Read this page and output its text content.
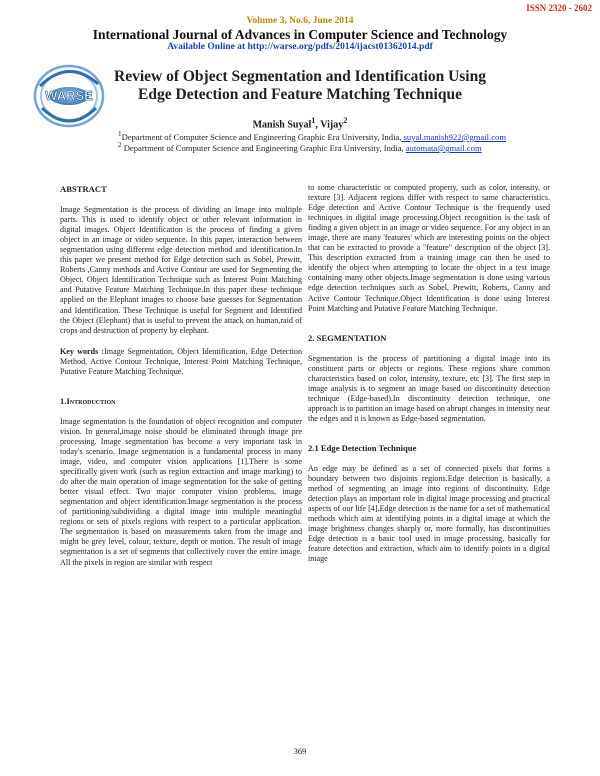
ISSN 2320 - 2602
Volume 3, No.6, June 2014
International Journal of Advances in Computer Science and Technology
Available Online at http://warse.org/pdfs/2014/ijacst01362014.pdf
WARSE
Review of Object Segmentation and Identification Using
Edge Detection and Feature Matching Technique
Manish Suyal$^1$, Vijay$^2$
$^1$Department of Computer Science and Engineering Graphic Era University, India, suyal.manish922@gmail.com
$^2$ Department of Computer Science and Engineering Graphic Era University, India, automata@gmail.com

ABSTRACT

Image Segmentation is the process of dividing an Image into multiple parts. This is used to identify object or other relevant information in digital images. Object Identification is the process of finding a given object in an image or video sequence. In this paper, interaction between segmentation using different edge detection method and identification.In this paper we present method for Edge detection such as Sobel, Prewitt, Roberts ,Canny methods and Active Contour are used for Segmenting the Object. Object Identification Technique such as Interest Point Matching and Putative Feature Matching Technique.In this paper these technique applied on the Elephant images to choose base guesses for Segmentation and Identification. These Technique is useful for Segment and Identified the Object (Elephant) that is useful to prevent the attack on human,raid of crops and destruction of property by elephant.

Key words :Image Segmentation, Object Identification, Edge Detection Method, Active Contour Technique, Interest Point Matching Technique, Putative Feature Matching Technique.

1.Introduction

Image segmentation is the foundation of object recognition and computer vision. In general,image noise should be eliminated through image pre processing. Image segmentation has become a very important task in today's scenario. Image segmentation is a fundamental process in many image, video, and computer vision applications [1].There is some specifically given work (such as region extraction and image marking) to do after the main operation of image segmentation for the sake of getting better visual effect. Two major computer vision problems, image segmentation and object identification.Image segmentation is the process of partitioning/subdividing a digital image into multiple meaningful regions or sets of pixels regions with respect to a particular application. The segmentation is based on measurements taken from the image and might be grey level, colour, texture, depth or motion. The result of image segmentation is a set of segments that collectively cover the entire image. All the pixels in region are similar with respect

to some characteristic or computed property, such as color, intensity, or texture [3]. Adjacent regions differ with respect to same characteristics. Edge detection and Active Contour Technique is the frequently used techniques in digital image processing.Object recognition is the task of finding a given object in an image or video sequence. For any object in an image, there are many 'features' which are interesting points on the object that can be extracted to provide a "feature" description of the object [3]. This description extracted from a training image can then be used to identify the object when attempting to locate the object in a test image containing many other objects.Image segmentation is done using various edge detection techniques such as Sobel, Prewitt, Roberts, Canny and Active Contour Technique.Object Identification is done using Interest Point Matching and Putative Feature Matching Technique.

2. SEGMENTATION

Segmentation is the process of partitioning a digital image into its constituent parts or objects or regions. These regions share common characteristics based on color, intensity, texture, etc [3]. The first step in image analysis is to segment an image based on discontinuity detection technique (Edge-based).In discontinuity detection technique, one approach is to partition an image based on abrupt changes in intensity near the edges and it is known as Edge-based segmentation.

2.1 Edge Detection Technique

An edge may be defined as a set of connected pixels that forms a boundary between two disjoints regions.Edge detection is basically, a method of segmenting an image into regions of discontinuity. Edge detection plays an important role in digital image processing and practical aspects of our life [4].Edge detection is the name for a set of mathematical methods which aim at identifying points in a digital image at which the image brightness changes sharply or, more formally, has discontinuities Edge detection is a basic tool used in image processing, basically for feature detection and extraction, which aim to identify points in a digital image

369
